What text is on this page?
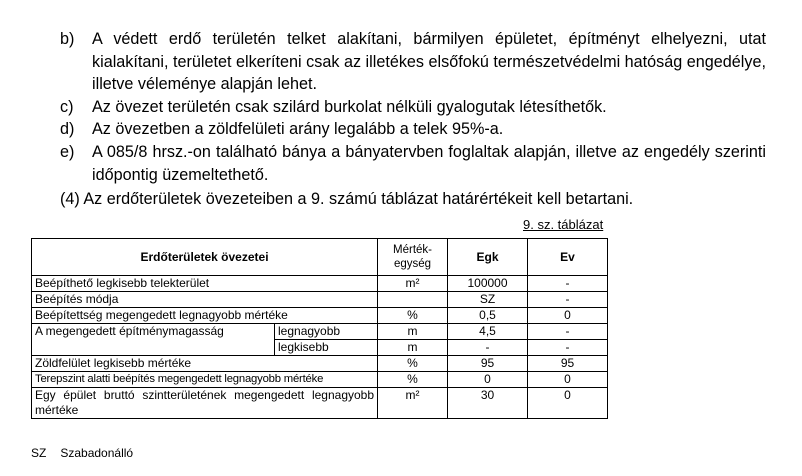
b)	A védett erdő területén telket alakítani, bármilyen épületet, építményt elhelyezni, utat kialakítani, területet elkeríteni csak az illetékes elsőfokú természetvédelmi hatóság engedélye, illetve véleménye alapján lehet.
c)	Az övezet területén csak szilárd burkolat nélküli gyalogutak létesíthetők.
d)	Az övezetben a zöldfelületi arány legalább a telek 95%-a.
e)	A 085/8 hrsz.-on található bánya a bányatervben foglaltak alapján, illetve az engedély szerinti időpontig üzemeltethető.
(4) Az erdőterületek övezeteiben a 9. számú táblázat határértékeit kell betartani.
9. sz. táblázat
Erdőterületek övezetei		Mérték-egység	Egk	Ev
Beépíthető legkisebb telekterület		m²	100000	-
Beépítés módja			SZ	-
Beépítettség megengedett legnagyobb mértéke		%	0,5	0
A megengedett építménymagasság	legnagyobb	m	4,5	-
	legkisebb	m	-	-
Zöldfelület legkisebb mértéke		%	95	95
Terepszint alatti beépítés megengedett legnagyobb mértéke		%	0	0
Egy épület bruttó szintterületének megengedett legnagyobb mértéke		m²	30	0
SZ Szabadonálló
